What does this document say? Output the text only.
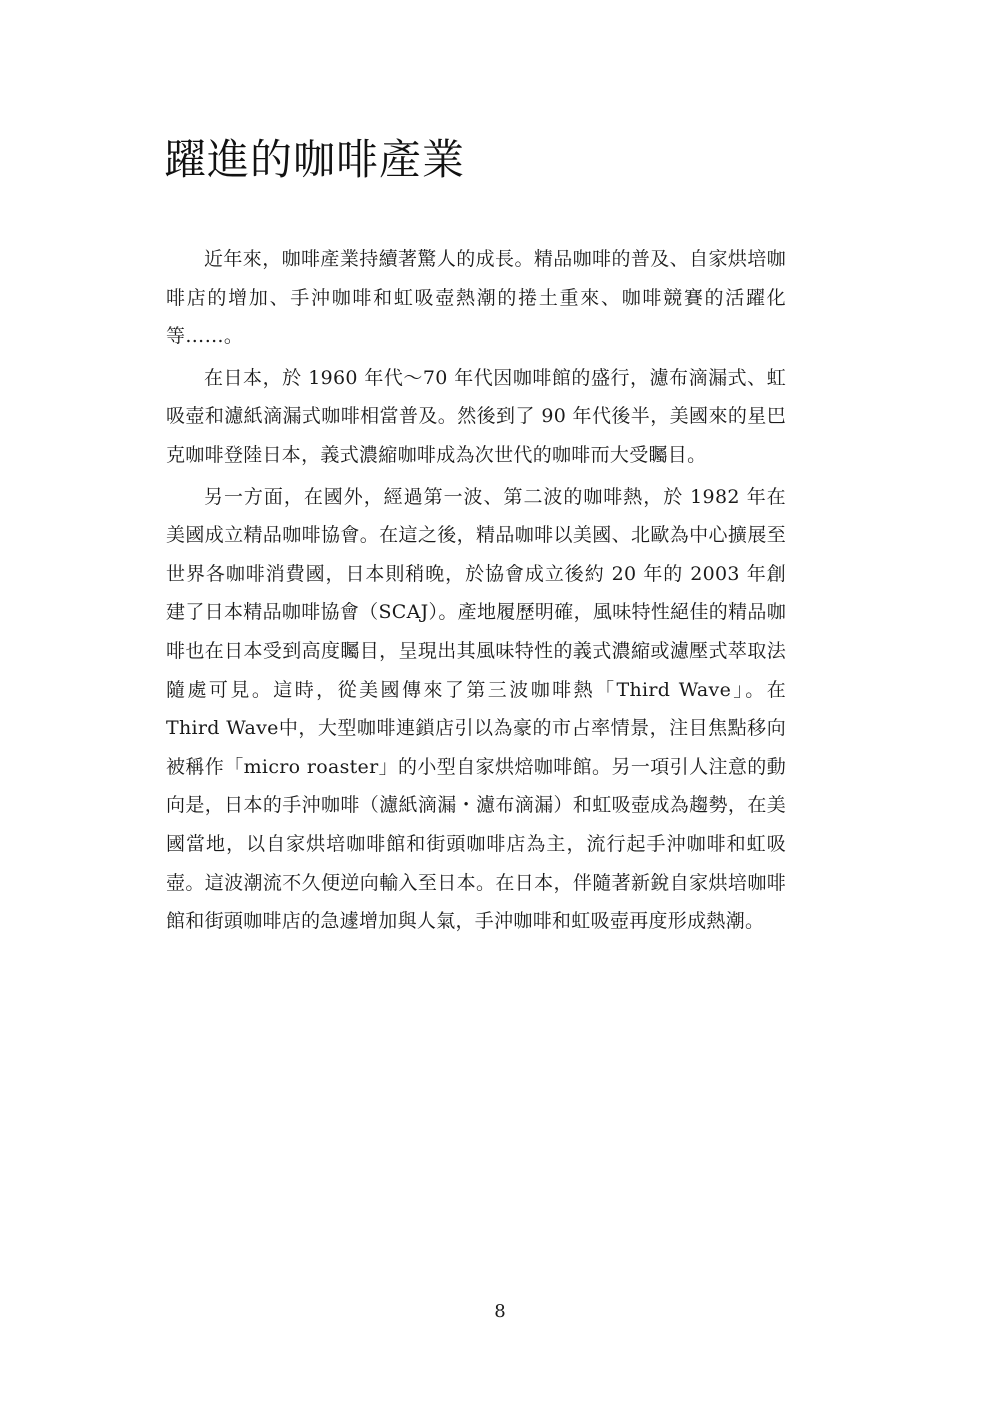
躍進的咖啡產業

近年來，咖啡產業持續著驚人的成長。精品咖啡的普及、自家烘培咖啡店的增加、手沖咖啡和虹吸壺熱潮的捲土重來、咖啡競賽的活躍化等……。

在日本，於 1960 年代～70 年代因咖啡館的盛行，濾布滴漏式、虹吸壺和濾紙滴漏式咖啡相當普及。然後到了 90 年代後半，美國來的星巴克咖啡登陸日本，義式濃縮咖啡成為次世代的咖啡而大受矚目。

另一方面，在國外，經過第一波、第二波的咖啡熱，於 1982 年在美國成立精品咖啡協會。在這之後，精品咖啡以美國、北歐為中心擴展至世界各咖啡消費國，日本則稍晚，於協會成立後約 20 年的 2003 年創建了日本精品咖啡協會（SCAJ）。產地履歷明確，風味特性絕佳的精品咖啡也在日本受到高度矚目，呈現出其風味特性的義式濃縮或濾壓式萃取法隨處可見。這時，從美國傳來了第三波咖啡熱「Third Wave」。在 Third Wave中，大型咖啡連鎖店引以為豪的市占率情景，注目焦點移向被稱作「micro roaster」的小型自家烘焙咖啡館。另一項引人注意的動向是，日本的手沖咖啡（濾紙滴漏・濾布滴漏）和虹吸壺成為趨勢，在美國當地，以自家烘培咖啡館和街頭咖啡店為主，流行起手沖咖啡和虹吸壺。這波潮流不久便逆向輸入至日本。在日本，伴隨著新銳自家烘培咖啡館和街頭咖啡店的急遽增加與人氣，手沖咖啡和虹吸壺再度形成熱潮。

8
